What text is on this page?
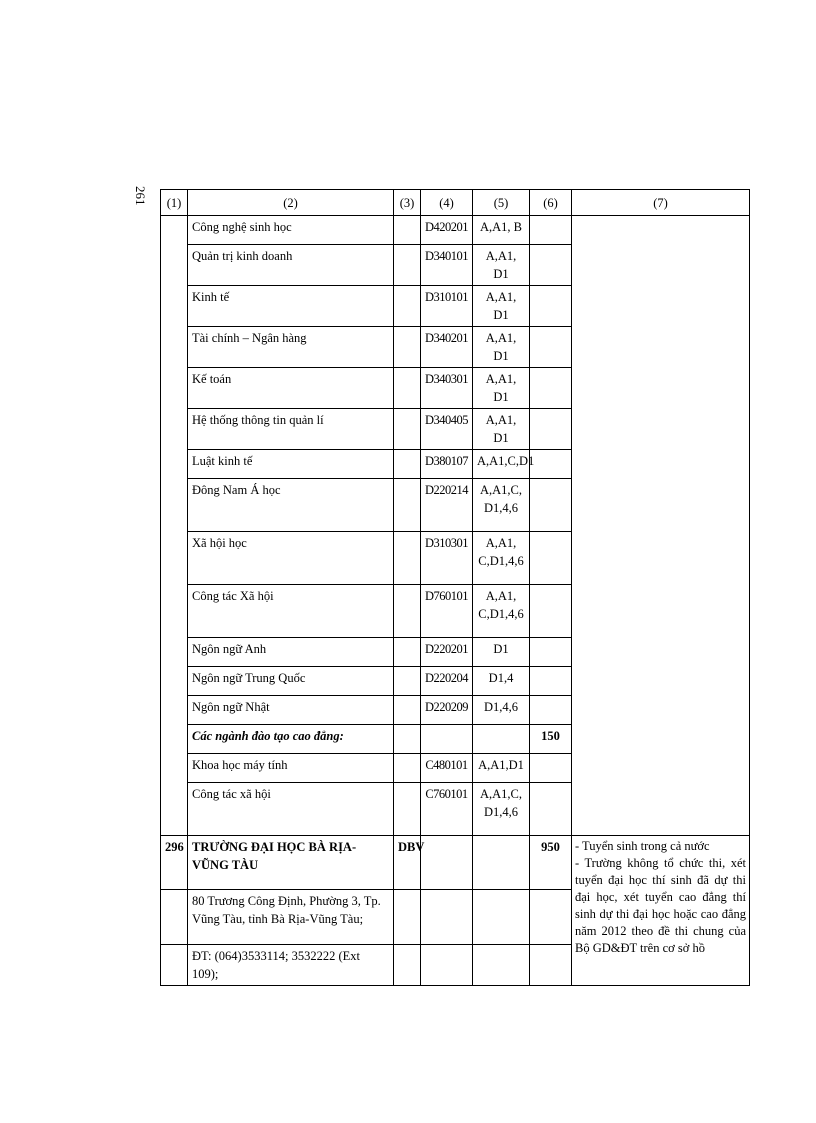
261 (1)	(2)	(3)	(4)	(5)	(6)	(7)
	Công nghệ sinh học		D420201	A,A1, B		
	Quản trị kinh doanh		D340101	A,A1, D1		
	Kinh tế		D310101	A,A1, D1		
	Tài chính – Ngân hàng		D340201	A,A1, D1		
	Kế toán		D340301	A,A1, D1		
	Hệ thống thông tin quản lí		D340405	A,A1, D1		
	Luật kinh tế		D380107	A,A1,C,D1		
	Đông Nam Á học		D220214	A,A1,C, D1,4,6		
	Xã hội học		D310301	A,A1, C,D1,4,6		
	Công tác Xã hội		D760101	A,A1, C,D1,4,6		
	Ngôn ngữ Anh		D220201	D1		
	Ngôn ngữ Trung Quốc		D220204	D1,4		
	Ngôn ngữ Nhật		D220209	D1,4,6		
	Các ngành đào tạo cao đẳng:				150	
	Khoa học máy tính		C480101	A,A1,D1		
	Công tác xã hội		C760101	A,A1,C, D1,4,6		
296	TRƯỜNG ĐẠI HỌC BÀ RỊA-VŨNG TÀU	DBV			950	- Tuyển sinh trong cả nước
- Trường không tổ chức thi, xét tuyển đại học thí sinh đã dự thi đại học, xét tuyển cao đẳng thí sinh dự thi đại học hoặc cao đẳng năm 2012 theo đề thi chung của Bộ GD&ĐT trên cơ sở hồ

	80 Trương Công Định, Phường 3, Tp. Vũng Tàu, tỉnh Bà Rịa-Vũng Tàu;					
	ĐT: (064)3533114; 3532222 (Ext 109);					
